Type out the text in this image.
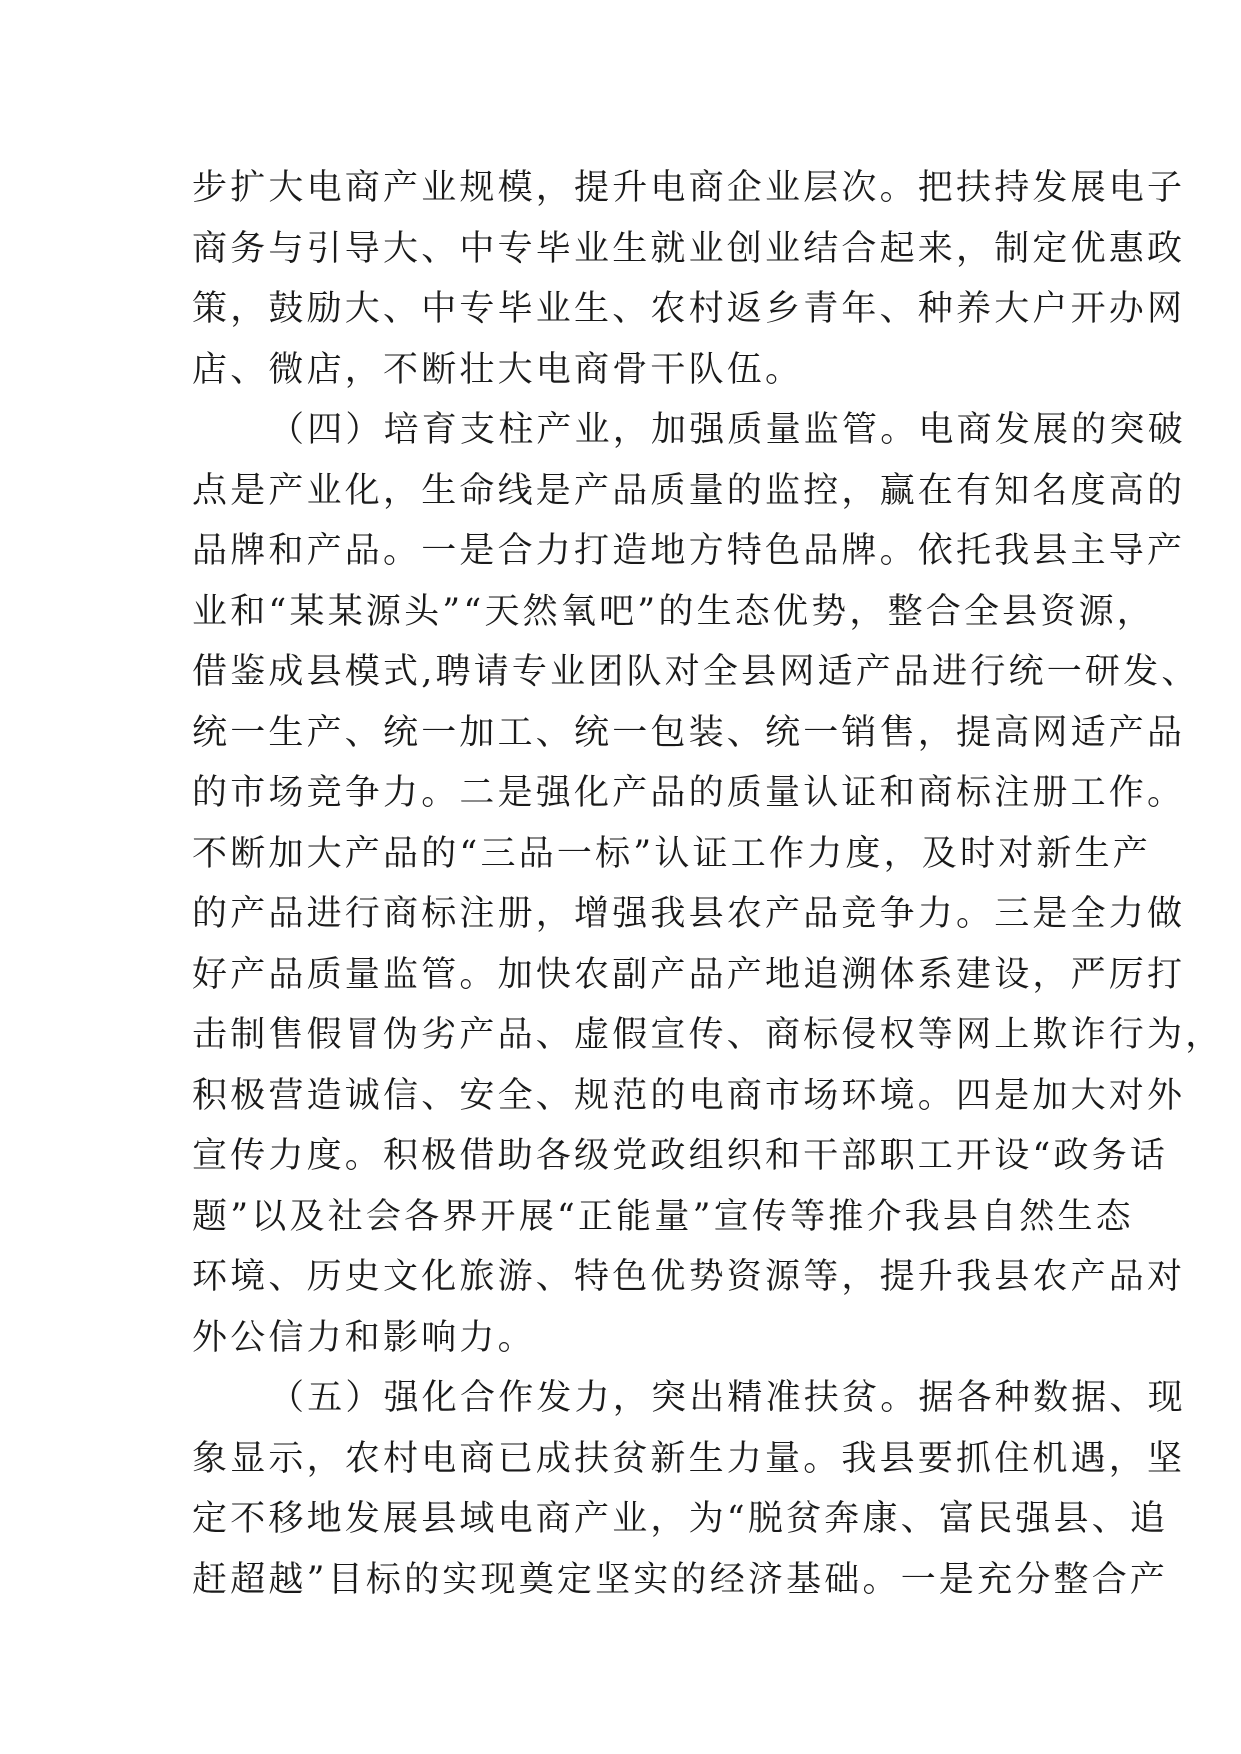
步扩大电商产业规模，提升电商企业层次。把扶持发展电子
商务与引导大、中专毕业生就业创业结合起来，制定优惠政
策，鼓励大、中专毕业生、农村返乡青年、种养大户开办网
店、微店，不断壮大电商骨干队伍。
（四）培育支柱产业，加强质量监管。电商发展的突破
点是产业化，生命线是产品质量的监控，赢在有知名度高的
品牌和产品。一是合力打造地方特色品牌。依托我县主导产
业和“某某源头”“天然氧吧”的生态优势，整合全县资源，
借鉴成县模式,聘请专业团队对全县网适产品进行统一研发、
统一生产、统一加工、统一包装、统一销售，提高网适产品
的市场竞争力。二是强化产品的质量认证和商标注册工作。
不断加大产品的“三品一标”认证工作力度，及时对新生产
的产品进行商标注册，增强我县农产品竞争力。三是全力做
好产品质量监管。加快农副产品产地追溯体系建设，严厉打
击制售假冒伪劣产品、虚假宣传、商标侵权等网上欺诈行为，
积极营造诚信、安全、规范的电商市场环境。四是加大对外
宣传力度。积极借助各级党政组织和干部职工开设“政务话
题”以及社会各界开展“正能量”宣传等推介我县自然生态
环境、历史文化旅游、特色优势资源等，提升我县农产品对
外公信力和影响力。
（五）强化合作发力，突出精准扶贫。据各种数据、现
象显示，农村电商已成扶贫新生力量。我县要抓住机遇，坚
定不移地发展县域电商产业，为“脱贫奔康、富民强县、追
赶超越”目标的实现奠定坚实的经济基础。一是充分整合产
